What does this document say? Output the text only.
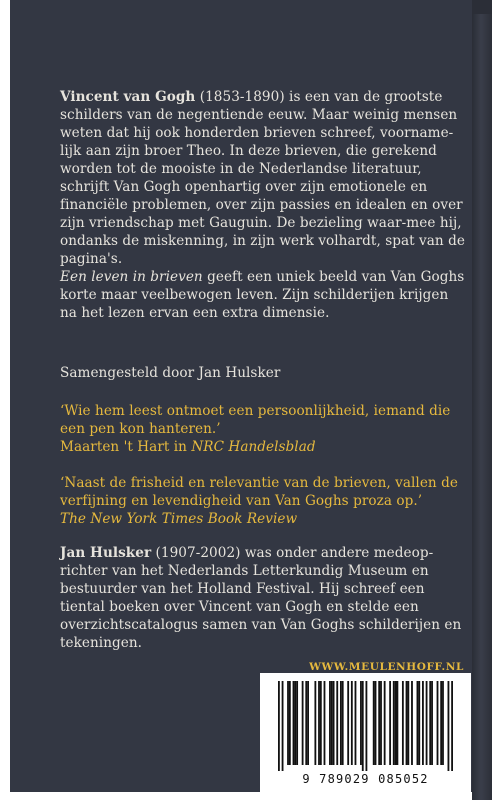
Vincent van Gogh (1853-1890) is een van de grootste schilders van de negentiende eeuw. Maar weinig mensen weten dat hij ook honderden brieven schreef, voorname-lijk aan zijn broer Theo. In deze brieven, die gerekend worden tot de mooiste in de Nederlandse literatuur, schrijft Van Gogh openhartig over zijn emotionele en financiële problemen, over zijn passies en idealen en over zijn vriendschap met Gauguin. De bezieling waar-mee hij, ondanks de miskenning, in zijn werk volhardt, spat van de pagina's.
Een leven in brieven geeft een uniek beeld van Van Goghs korte maar veelbewogen leven. Zijn schilderijen krijgen na het lezen ervan een extra dimensie.
Samengesteld door Jan Hulsker
‘Wie hem leest ontmoet een persoonlijkheid, iemand die een pen kon hanteren.’
Maarten 't Hart in NRC Handelsblad
‘Naast de frisheid en relevantie van de brieven, vallen de verfijning en levendigheid van Van Goghs proza op.’
The New York Times Book Review
Jan Hulsker (1907-2002) was onder andere medeop-richter van het Nederlands Letterkundig Museum en bestuurder van het Holland Festival. Hij schreef een tiental boeken over Vincent van Gogh en stelde een overzichtscatalogus samen van Van Goghs schilderijen en tekeningen.
WWW.MEULENHOFF.NL
9 789029 085052
